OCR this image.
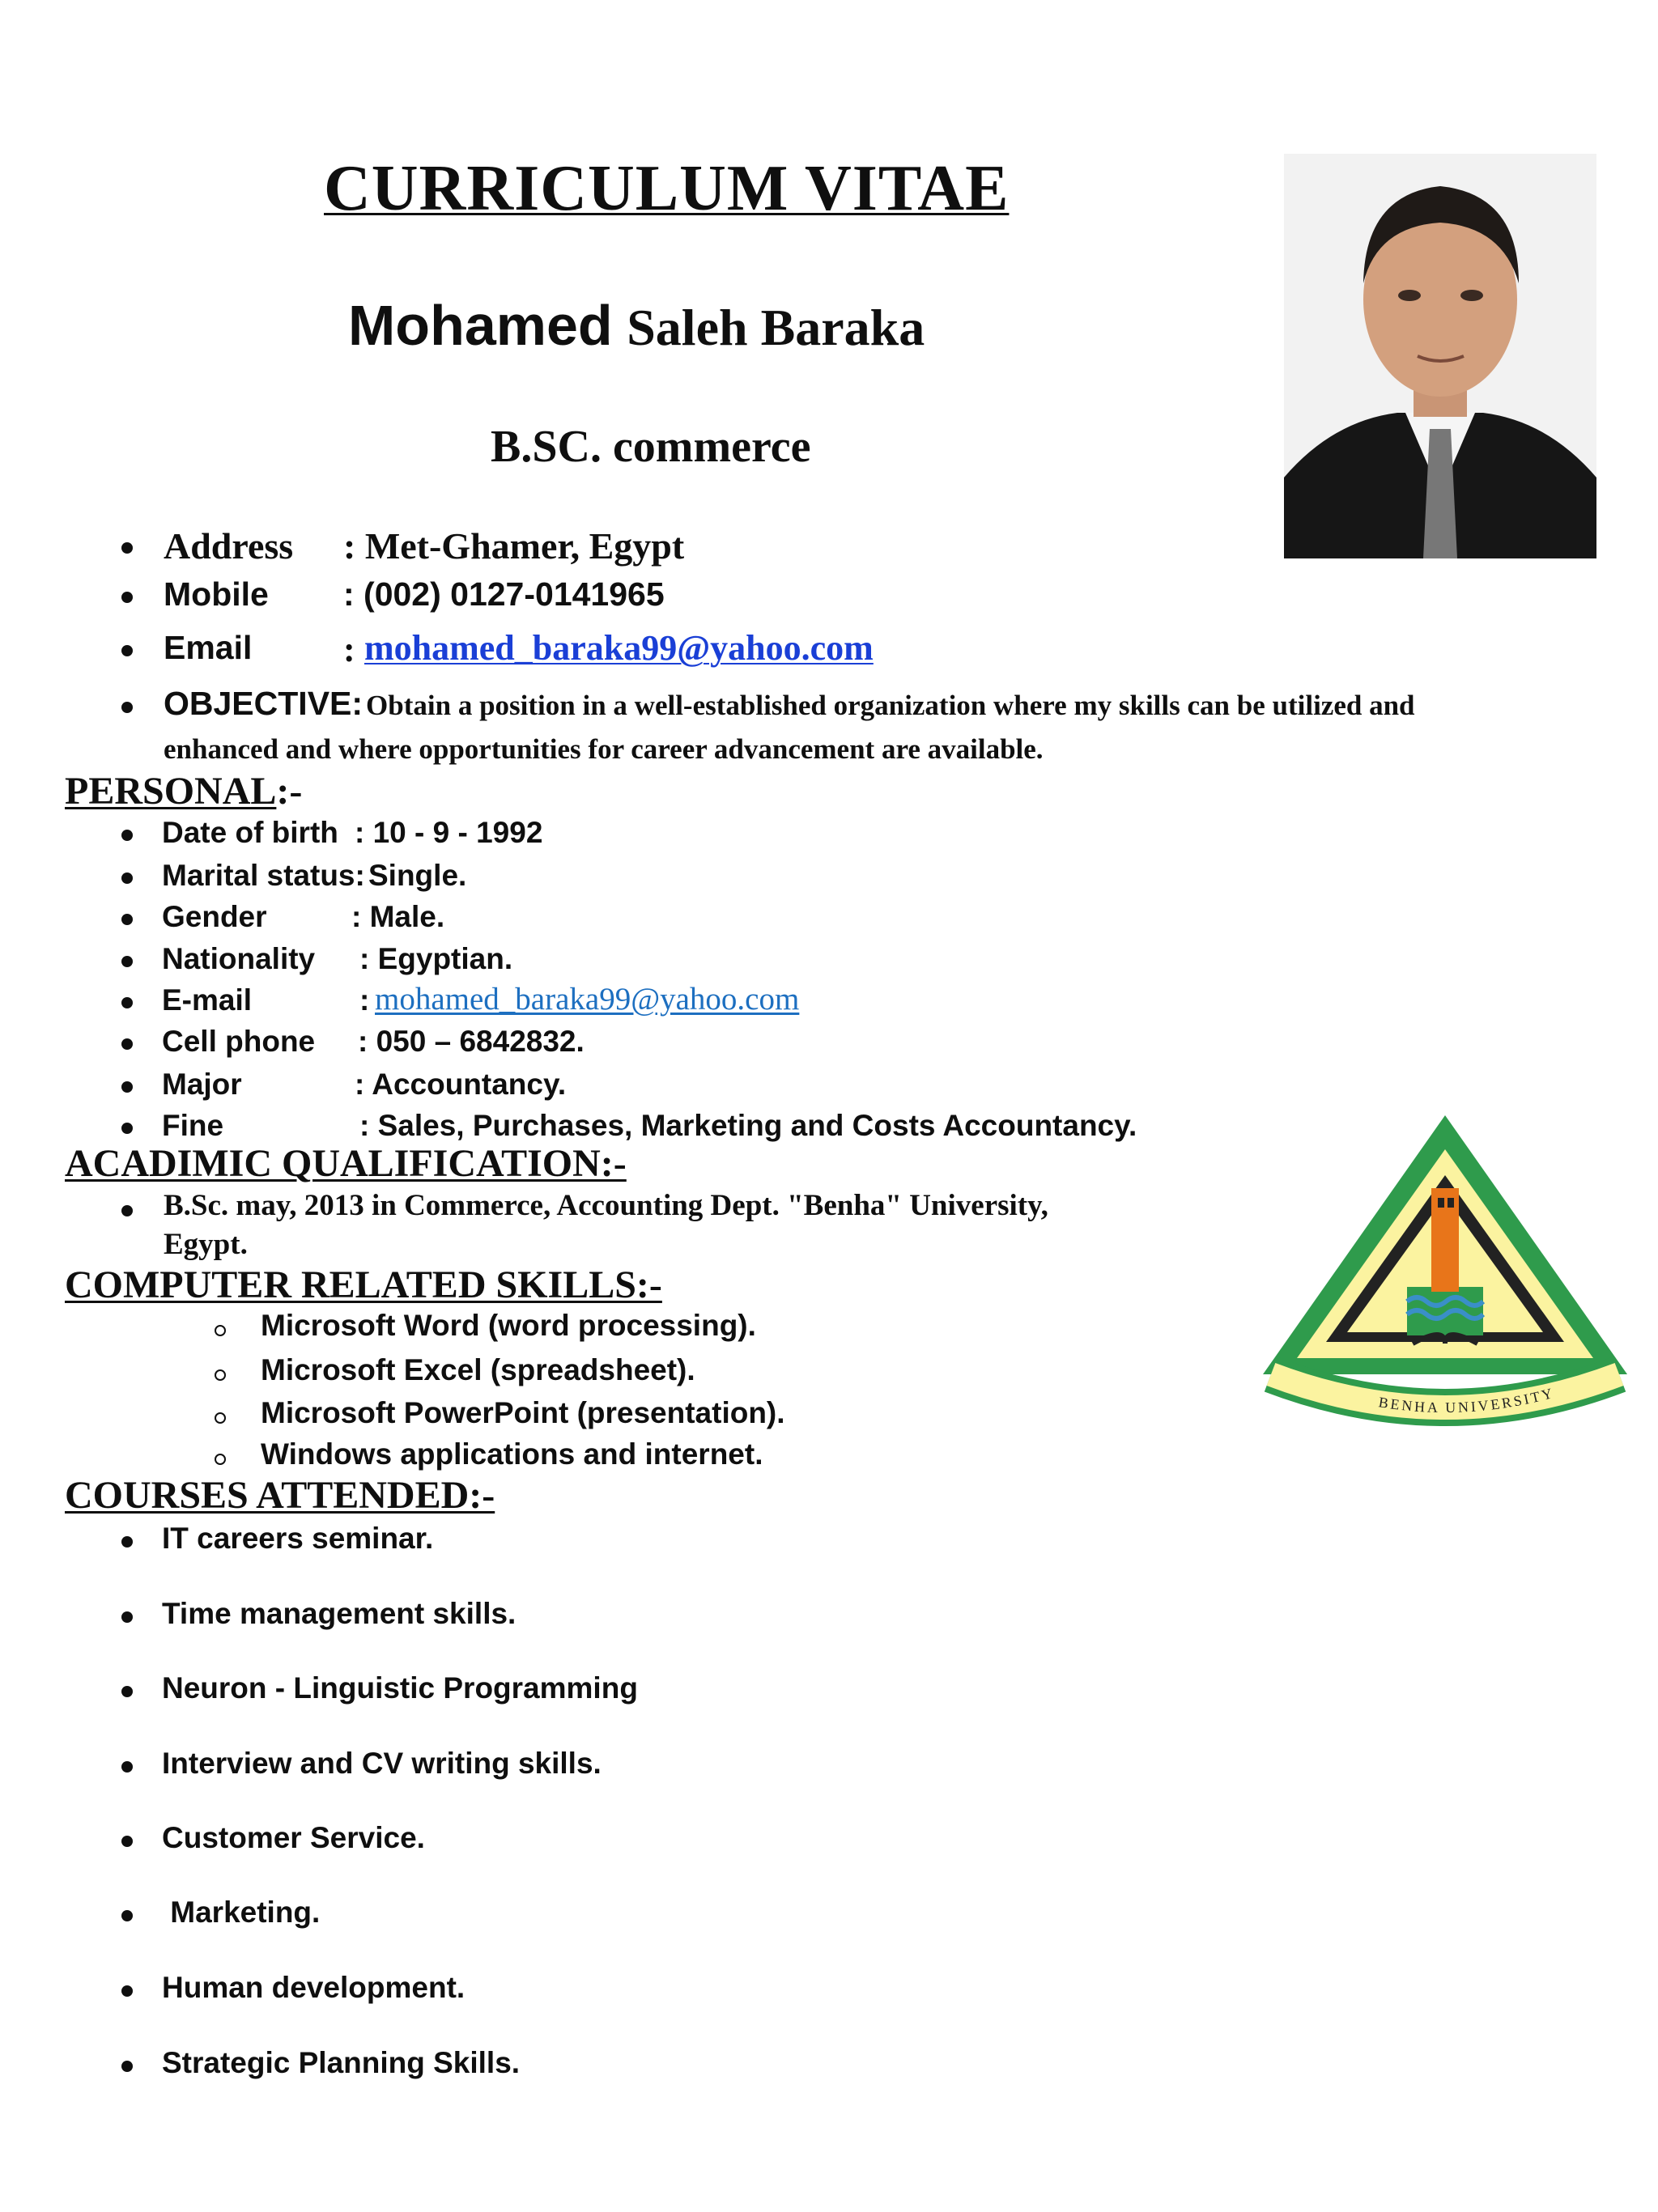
CURRICULUM VITAE
Mohamed Saleh Baraka
B.SC. commerce
Address : Met-Ghamer, Egypt
Mobile : (002) 0127-0141965
Email	: mohamed_baraka99@yahoo.com
OBJECTIVE: Obtain a position in a well-established organization where my skills can be utilized and
enhanced and where opportunities for career advancement are available.
PERSONAL:-
Date of birth : 10 - 9 - 1992
Marital status: Single.
Gender	: Male.
Nationality : Egyptian.
E-mail	: mohamed_baraka99@yahoo.com
Cell phone : 050 – 6842832.
Major	: Accountancy.
Fine	: Sales, Purchases, Marketing and Costs Accountancy.
ACADIMIC QUALIFICATION:-
B.Sc. may, 2013 in Commerce, Accounting Dept. "Benha" University,
Egypt.
COMPUTER RELATED SKILLS:-
Microsoft Word (word processing).
Microsoft Excel (spreadsheet).
Microsoft PowerPoint (presentation).
Windows applications and internet.
COURSES ATTENDED:-
IT careers seminar.
Time management skills.
Neuron - Linguistic Programming
Interview and CV writing skills.
Customer Service.
Marketing.
Human development.
Strategic Planning Skills.
BENHA UNIVERSITY
